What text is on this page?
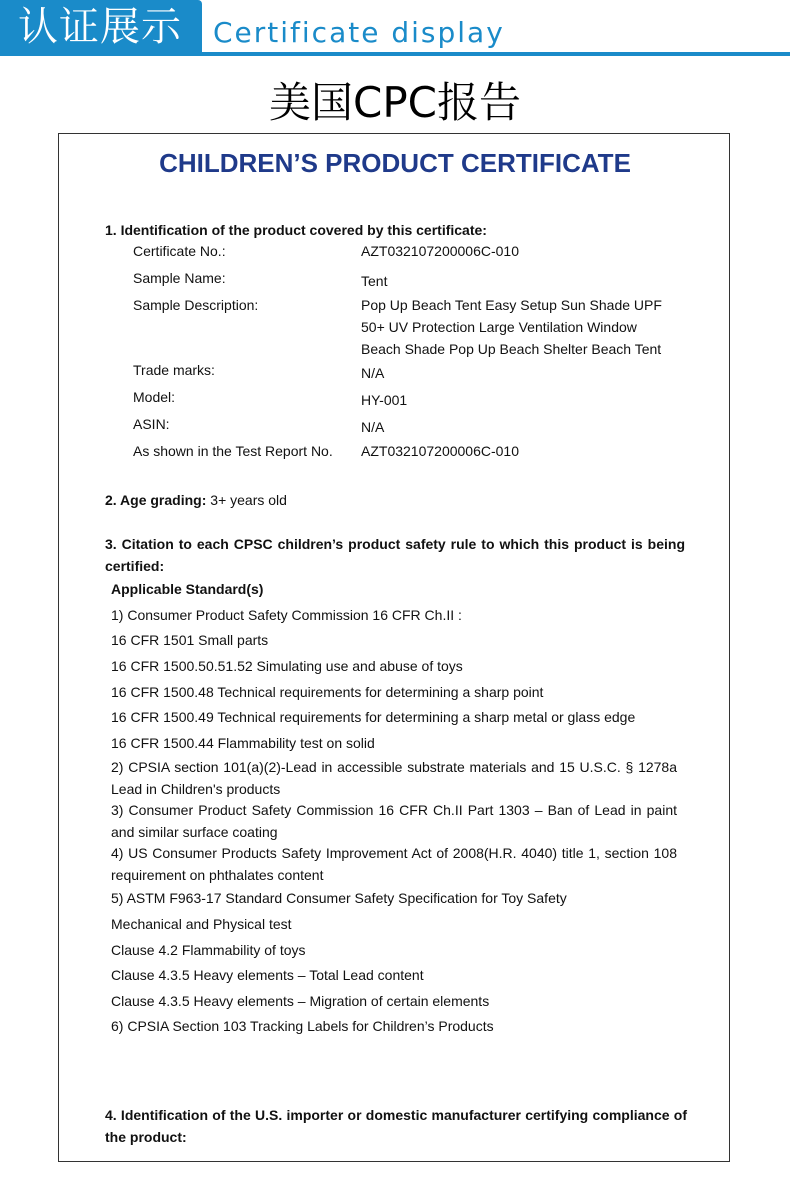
认证展示	Certificate display
美国CPC报告
CHILDREN’S PRODUCT CERTIFICATE
1. Identification of the product covered by this certificate:
Certificate No.:	AZT032107200006C-010
Sample Name:	Tent
Sample Description:	Pop Up Beach Tent Easy Setup Sun Shade UPF
50+ UV Protection Large Ventilation Window
Beach Shade Pop Up Beach Shelter Beach Tent
Trade marks:	N/A
Model:	HY-001
ASIN:	N/A
As shown in the Test Report No. AZT032107200006C-010
2. Age grading: 3+ years old
3. Citation to each CPSC children’s product safety rule to which this product is being certified:
Applicable Standard(s)
1) Consumer Product Safety Commission 16 CFR Ch.II :
16 CFR 1501 Small parts
16 CFR 1500.50.51.52 Simulating use and abuse of toys
16 CFR 1500.48 Technical requirements for determining a sharp point
16 CFR 1500.49 Technical requirements for determining a sharp metal or glass edge
16 CFR 1500.44 Flammability test on solid
2) CPSIA section 101(a)(2)-Lead in accessible substrate materials and 15 U.S.C. § 1278a Lead in Children's products
3) Consumer Product Safety Commission 16 CFR Ch.II Part 1303 – Ban of Lead in paint and similar surface coating
4) US Consumer Products Safety Improvement Act of 2008(H.R. 4040) title 1, section 108 requirement on phthalates content
5) ASTM F963-17 Standard Consumer Safety Specification for Toy Safety
Mechanical and Physical test
Clause 4.2 Flammability of toys
Clause 4.3.5 Heavy elements – Total Lead content
Clause 4.3.5 Heavy elements – Migration of certain elements
6) CPSIA Section 103 Tracking Labels for Children’s Products
4. Identification of the U.S. importer or domestic manufacturer certifying compliance of the product:
